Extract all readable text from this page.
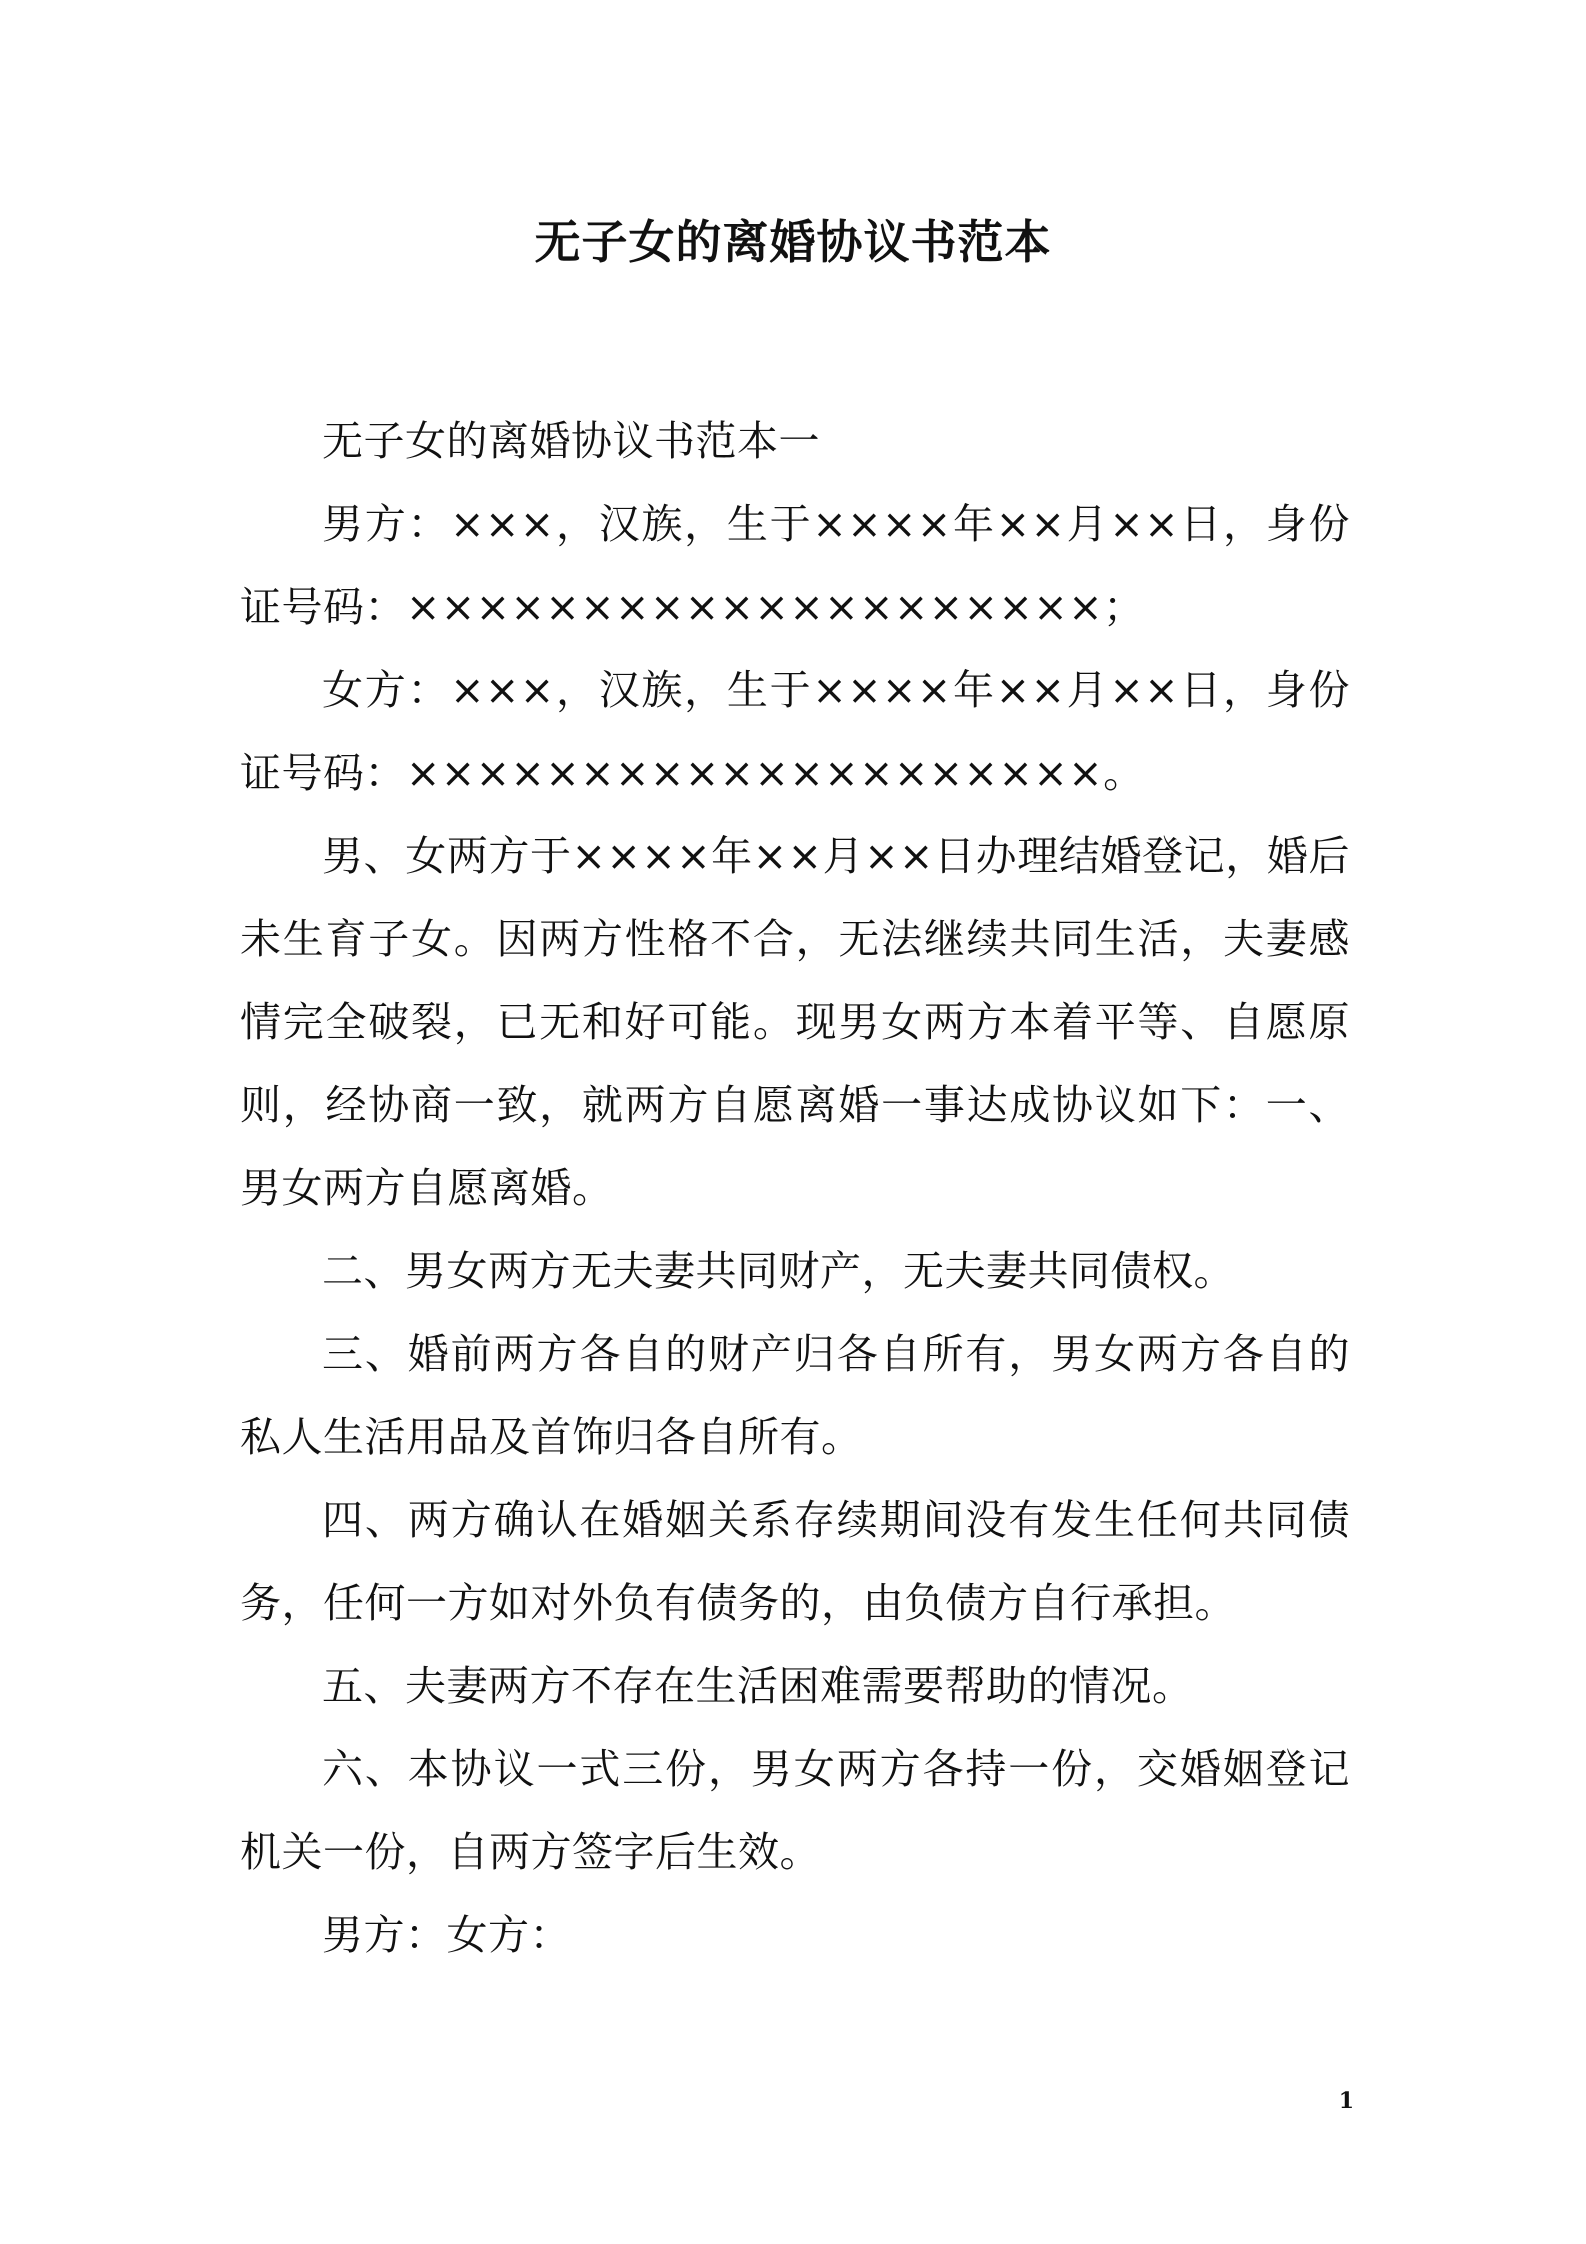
无子女的离婚协议书范本

无子女的离婚协议书范本一

男方：×××，汉族，生于××××年××月××日，身份证号码：××××××××××××××××××××；

女方：×××，汉族，生于××××年××月××日，身份证号码：××××××××××××××××××××。

男、女两方于××××年××月××日办理结婚登记，婚后未生育子女。因两方性格不合，无法继续共同生活，夫妻感情完全破裂，已无和好可能。现男女两方本着平等、自愿原则，经协商一致，就两方自愿离婚一事达成协议如下：一、男女两方自愿离婚。

二、男女两方无夫妻共同财产，无夫妻共同债权。

三、婚前两方各自的财产归各自所有，男女两方各自的私人生活用品及首饰归各自所有。

四、两方确认在婚姻关系存续期间没有发生任何共同债务，任何一方如对外负有债务的，由负债方自行承担。

五、夫妻两方不存在生活困难需要帮助的情况。

六、本协议一式三份，男女两方各持一份，交婚姻登记机关一份，自两方签字后生效。

男方：女方：

1
